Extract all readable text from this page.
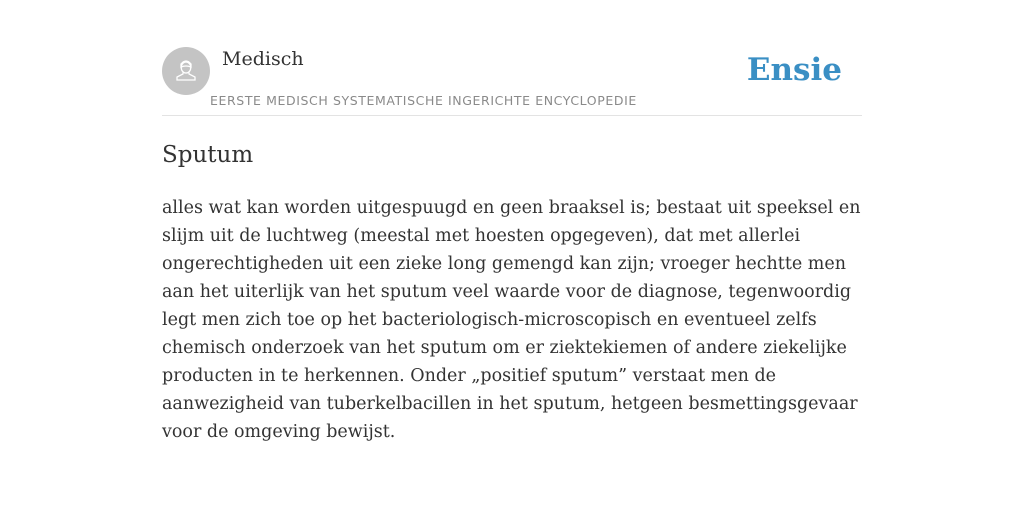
Medisch
EERSTE MEDISCH SYSTEMATISCHE INGERICHTE ENCYCLOPEDIE
Ensie
Sputum

alles wat kan worden uitgespuugd en geen braaksel is; bestaat uit speeksel en slijm uit de luchtweg (meestal met hoesten opgegeven), dat met allerlei ongerechtigheden uit een zieke long gemengd kan zijn; vroeger hechtte men aan het uiterlijk van het sputum veel waarde voor de diagnose, tegenwoordig legt men zich toe op het bacteriologisch-microscopisch en eventueel zelfs chemisch onderzoek van het sputum om er ziektekiemen of andere ziekelijke producten in te herkennen. Onder „positief sputum” verstaat men de aanwezigheid van tuberkelbacillen in het sputum, hetgeen besmettingsgevaar voor de omgeving bewijst.
